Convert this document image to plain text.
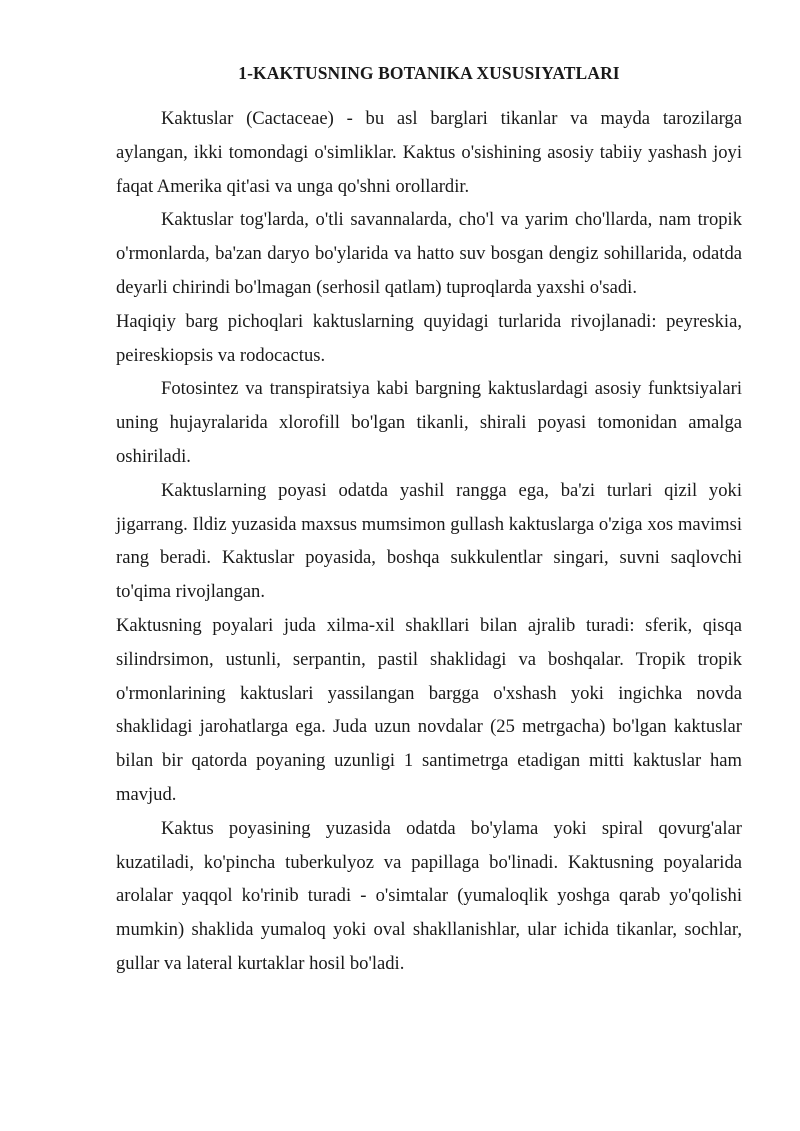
1-KAKTUSNING BOTANIKA XUSUSIYATLARI

Kaktuslar (Cactaceae) - bu asl barglari tikanlar va mayda tarozilarga aylangan, ikki tomondagi o'simliklar. Kaktus o'sishining asosiy tabiiy yashash joyi faqat Amerika qit'asi va unga qo'shni orollardir.

Kaktuslar tog'larda, o'tli savannalarda, cho'l va yarim cho'llarda, nam tropik o'rmonlarda, ba'zan daryo bo'ylarida va hatto suv bosgan dengiz sohillarida, odatda deyarli chirindi bo'lmagan (serhosil qatlam) tuproqlarda yaxshi o'sadi.

Haqiqiy barg pichoqlari kaktuslarning quyidagi turlarida rivojlanadi: peyreskia, peireskiopsis va rodocactus.

Fotosintez va transpiratsiya kabi bargning kaktuslardagi asosiy funktsiyalari uning hujayralarida xlorofill bo'lgan tikanli, shirali poyasi tomonidan amalga oshiriladi.

Kaktuslarning poyasi odatda yashil rangga ega, ba'zi turlari qizil yoki jigarrang. Ildiz yuzasida maxsus mumsimon gullash kaktuslarga o'ziga xos mavimsi rang beradi. Kaktuslar poyasida, boshqa sukkulentlar singari, suvni saqlovchi to'qima rivojlangan.

Kaktusning poyalari juda xilma-xil shakllari bilan ajralib turadi: sferik, qisqa silindrsimon, ustunli, serpantin, pastil shaklidagi va boshqalar. Tropik tropik o'rmonlarining kaktuslari yassilangan bargga o'xshash yoki ingichka novda shaklidagi jarohatlarga ega. Juda uzun novdalar (25 metrgacha) bo'lgan kaktuslar bilan bir qatorda poyaning uzunligi 1 santimetrga etadigan mitti kaktuslar ham mavjud.

Kaktus poyasining yuzasida odatda bo'ylama yoki spiral qovurg'alar kuzatiladi, ko'pincha tuberkulyoz va papillaga bo'linadi. Kaktusning poyalarida arolalar yaqqol ko'rinib turadi - o'simtalar (yumaloqlik yoshga qarab yo'qolishi mumkin) shaklida yumaloq yoki oval shakllanishlar, ular ichida tikanlar, sochlar, gullar va lateral kurtaklar hosil bo'ladi.
